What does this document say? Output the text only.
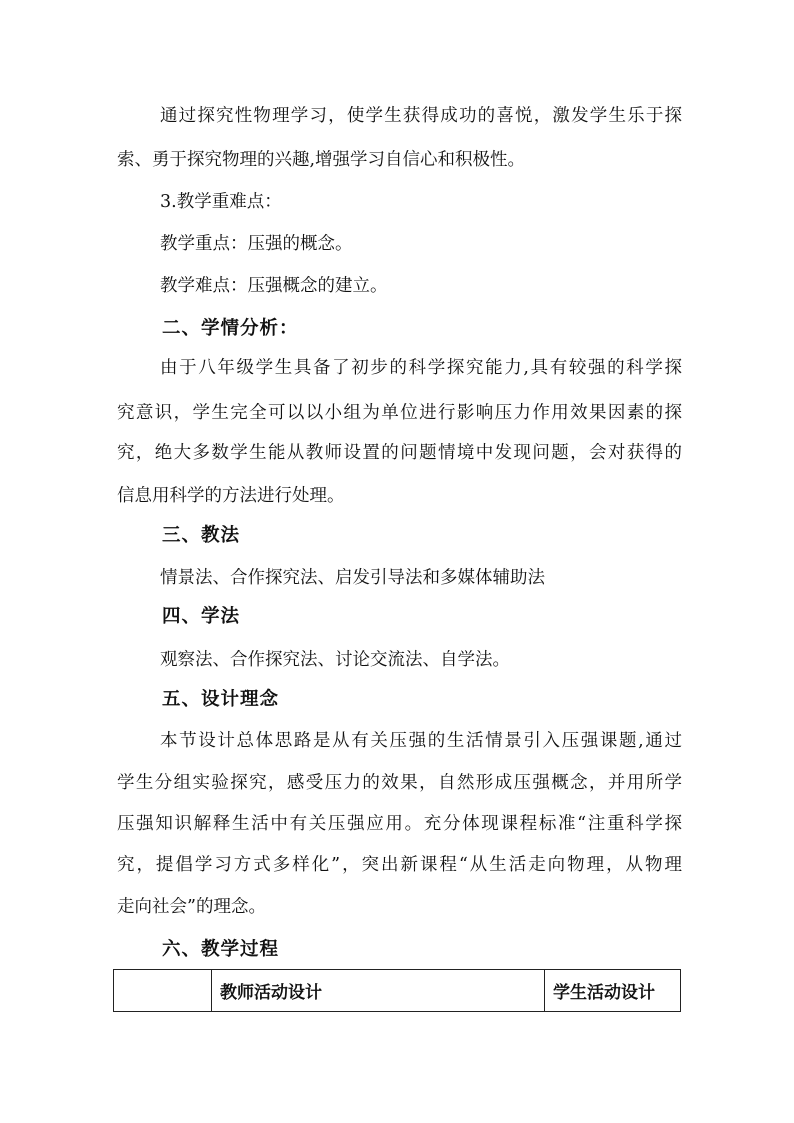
通过探究性物理学习，使学生获得成功的喜悦，激发学生乐于探
索、勇于探究物理的兴趣,增强学习自信心和积极性。
3.教学重难点：
教学重点：压强的概念。
教学难点：压强概念的建立。
二、学情分析：
由于八年级学生具备了初步的科学探究能力,具有较强的科学探
究意识，学生完全可以以小组为单位进行影响压力作用效果因素的探
究，绝大多数学生能从教师设置的问题情境中发现问题，会对获得的
信息用科学的方法进行处理。
三、教法
情景法、合作探究法、启发引导法和多媒体辅助法
四、学法
观察法、合作探究法、讨论交流法、自学法。
五、设计理念
本节设计总体思路是从有关压强的生活情景引入压强课题,通过
学生分组实验探究，感受压力的效果，自然形成压强概念，并用所学
压强知识解释生活中有关压强应用。充分体现课程标准“注重科学探
究，提倡学习方式多样化”，突出新课程“从生活走向物理，从物理
走向社会”的理念。
六、教学过程
	教师活动设计	学生活动设计
